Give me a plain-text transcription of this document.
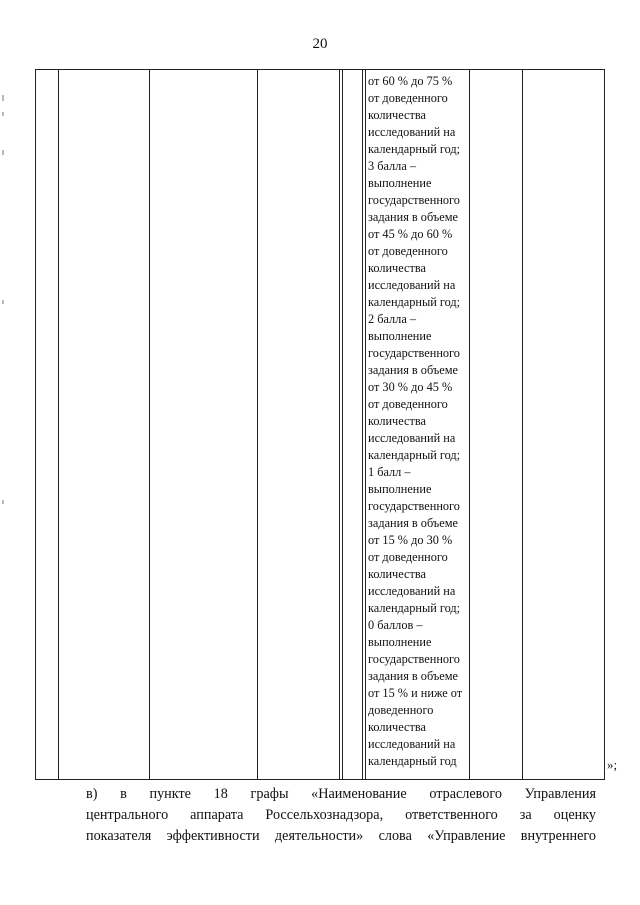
20
от 60 % до 75 %
от доведенного
количества
исследований на
календарный год;
3 балла –
выполнение
государственного
задания в объеме
от 45 % до 60 %
от доведенного
количества
исследований на
календарный год;
2 балла –
выполнение
государственного
задания в объеме
от 30 % до 45 %
от доведенного
количества
исследований на
календарный год;
1 балл –
выполнение
государственного
задания в объеме
от 15 % до 30 %
от доведенного
количества
исследований на
календарный год;
0 баллов –
выполнение
государственного
задания в объеме
от 15 % и ниже от
доведенного
количества
исследований на
календарный год	»;
в) в пункте 18 графы «Наименование отраслевого Управления
центрального аппарата Россельхознадзора, ответственного за оценку
показателя эффективности деятельности» слова «Управление внутреннего
